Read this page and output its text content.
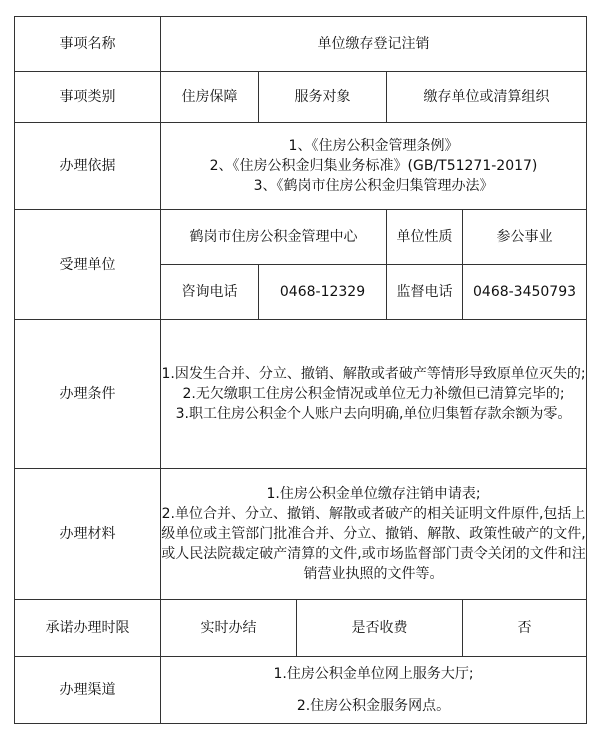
事项名称	单位缴存登记注销				
事项类别	住房保障	服务对象		缴存单位或清算组织	
办理依据	1、《住房公积金管理条例》
2、《住房公积金归集业务标准》(GB/T51271-2017)
3、《鹤岗市住房公积金归集管理办法》				

受理单位	鹤岗市住房公积金管理中心			单位性质	参公事业
	咨询电话	0468-12329		监督电话	0468-3450793
办理条件	1.因发生合并、分立、撤销、解散或者破产等情形导致原单位灭失的;
2.无欠缴职工住房公积金情况或单位无力补缴但已清算完毕的;
3.职工住房公积金个人账户去向明确,单位归集暂存款余额为零。				

办理材料	1.住房公积金单位缴存注销申请表;
2.单位合并、分立、撤销、解散或者破产的相关证明文件原件,包括上级单位或主管部门批准合并、分立、撤销、解散、政策性破产的文件,或人民法院裁定破产清算的文件,或市场监督部门责令关闭的文件和注销营业执照的文件等。				

承诺办理时限	实时办结		是否收费		否
办理渠道	1.住房公积金单位网上服务大厅;
2.住房公积金服务网点。				
